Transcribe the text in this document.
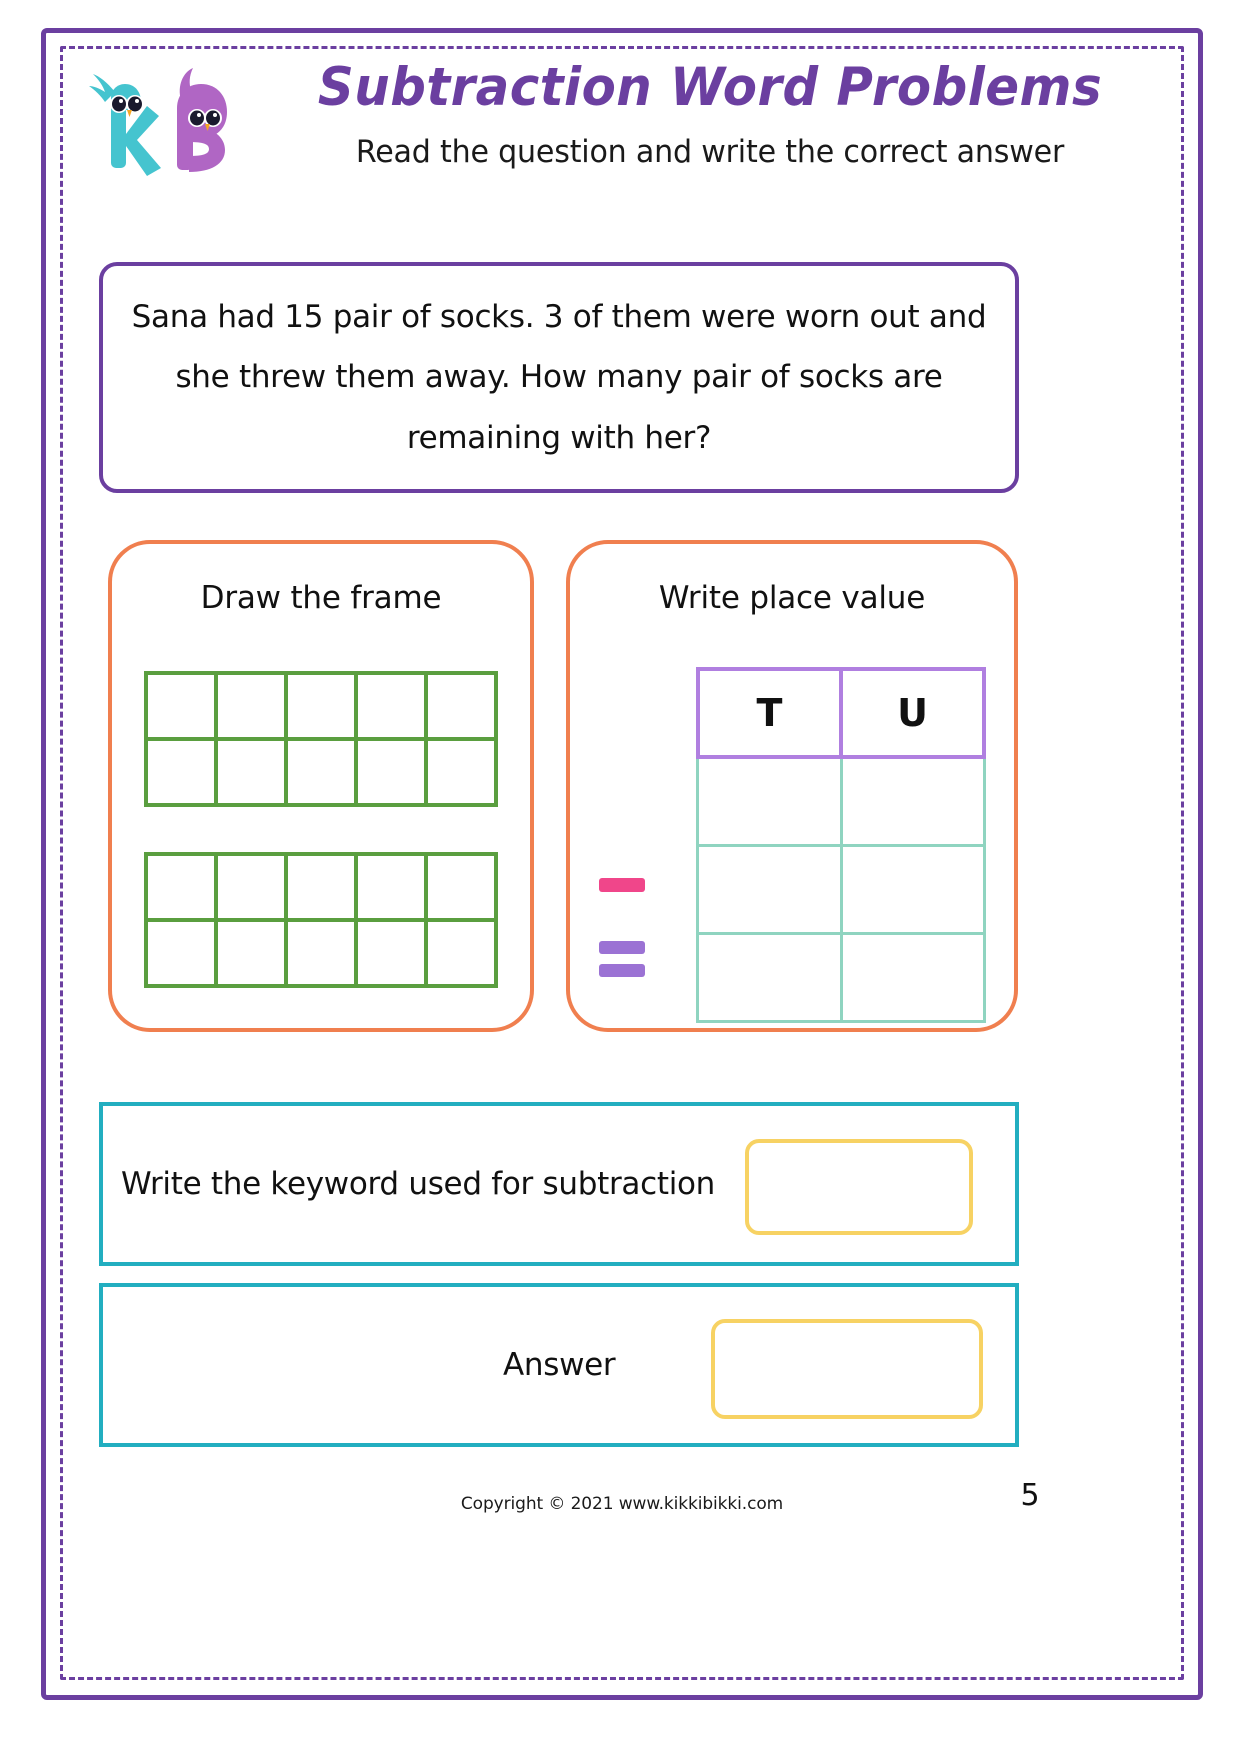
Subtraction Word Problems
Read the question and write the correct answer
Sana had 15 pair of socks. 3 of them were worn out and she threw them away. How many pair of socks are remaining with her?
Draw the frame	Write place value
T	U
Write the keyword used for subtraction
Answer
Copyright © 2021 www.kikkibikki.com	5
